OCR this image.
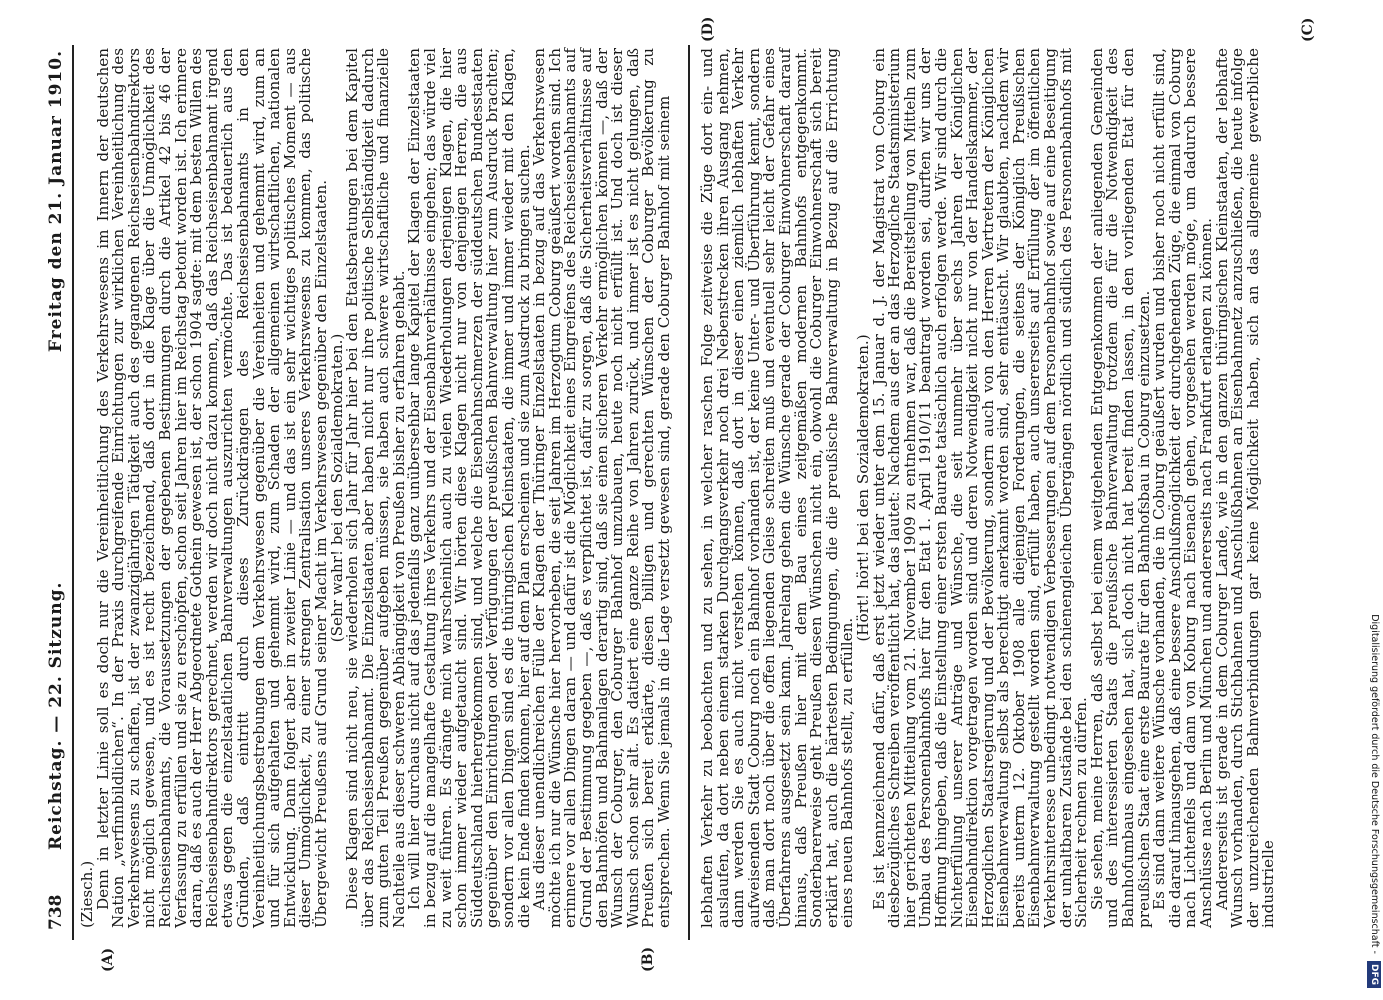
738
Reichstag. — 22. Sitzung.
Freitag den 21. Januar 1910.
(A)	(B)
(C)
(D)

(Ziesch.)

Denn in letzter Linie soll es doch nur die Vereinheitlichung des Verkehrswesens im Innern der deutschen Nation „verfinnbildlichen“. In der Praxis durchgreifende Einrichtungen zur wirklichen Vereinheitlichung des Verkehrswesens zu schaffen, ist der zwanzigjährigen Tätigkeit auch des gegangenen Reichseisenbahndirektors nicht möglich gewesen, und es ist recht bezeichnend, daß dort in die Klage über die Unmöglichkeit des Reichseisenbahnamts, die Voraussetzungen der gegebenen Bestimmungen durch die Artikel 42 bis 46 der Verfassung zu erfüllen und sie zu erschöpfen, schon seit Jahren hier im Reichstag betont worden ist. Ich erinnere daran, daß es auch der Herr Abgeordnete Gothein gewesen ist, der schon 1904 sagte: mit dem besten Willen des Reichseisenbahndirektors gerechnet, werden wir doch nicht dazu kommen, daß das Reichseisenbahnamt irgend etwas gegen die einzelstaatlichen Bahnverwaltungen auszurichten vermöchte. Das ist bedauerlich aus den Gründen, daß eintritt durch dieses Zurückdrängen des Reichseisenbahnamts in den Vereinheitlichungsbestrebungen dem Verkehrswesen gegenüber die Vereinheiten und gehemmt wird, zum an und für sich aufgehalten und gehemmt wird, zum Schaden der allgemeinen wirtschaftlichen, nationalen Entwicklung. Dann folgert aber in zweiter Linie — und das ist ein sehr wichtiges politisches Moment — aus dieser Unmöglichkeit, zu einer strengen Zentralisation unseres Verkehrswesens zu kommen, das politische Übergewicht Preußens auf Grund seiner Macht im Verkehrswesen gegenüber den Einzelstaaten.

(Sehr wahr! bei den Sozialdemokraten.)

Diese Klagen sind nicht neu, sie wiederholen sich Jahr für Jahr hier bei den Etatsberatungen bei dem Kapitel über das Reichseisenbahnamt. Die Einzelstaaten aber haben nicht nur ihre politische Selbständigkeit dadurch zum guten Teil Preußen gegenüber aufgeben müssen, sie haben auch schwere wirtschaftliche und finanzielle Nachteile aus dieser schweren Abhängigkeit von Preußen bisher zu erfahren gehabt.

Ich will hier durchaus nicht auf das jedenfalls ganz unübersehbar lange Kapitel der Klagen der Einzelstaaten in bezug auf die mangelhafte Gestaltung ihres Verkehrs und der Eisenbahnverhältnisse eingehen; das würde viel zu weit führen. Es drängte mich wahrscheinlich auch zu vielen Wiederholungen derjenigen Klagen, die hier schon immer wieder aufgetaucht sind. Wir hörten diese Klagen nicht nur von denjenigen Herren, die aus Süddeutschland hierhergekommen sind, und welche die Eisenbahnschmerzen der süddeutschen Bundesstaaten gegenüber den Einrichtungen oder Verfügungen der preußischen Bahnverwaltung hier zum Ausdruck brachten; sondern vor allen Dingen sind es die thüringischen Kleinstaaten, die immer und immer wieder mit den Klagen, die kein Ende finden können, hier auf dem Plan erscheinen und sie zum Ausdruck zu bringen suchen.

Aus dieser unendlichreichen Fülle der Klagen der Thüringer Einzelstaaten in bezug auf das Verkehrswesen möchte ich nur die Wünsche hier hervorheben, die seit Jahren im Herzogtum Coburg geäußert worden sind. Ich erinnere vor allen Dingen daran — und dafür ist die Möglichkeit eines Eingreifens des Reichseisenbahnamts auf Grund der Bestimmung gegeben —, daß es verpflichtet ist, dafür zu sorgen, daß die Sicherheitsverhältnisse auf den Bahnhöfen und Bahnanlagen derartig sind, daß sie einen sicheren Verkehr ermöglichen können —, daß der Wunsch der Coburger, den Coburger Bahnhof umzubauen, heute noch nicht erfüllt ist. Und doch ist dieser Wunsch schon sehr alt. Es datiert eine ganze Reihe von Jahren zurück, und immer ist es nicht gelungen, daß Preußen sich bereit erklärte, diesen billigen und gerechten Wünschen der Coburger Bevölkerung zu entsprechen. Wenn Sie jemals in die Lage versetzt gewesen sind, gerade den Coburger Bahnhof mit seinem lebhaften Verkehr zu beobachten und zu sehen, in welcher raschen Folge zeitweise die Züge dort ein- und auslaufen, da dort neben einem starken Durchgangsverkehr noch drei Nebenstrecken ihren Ausgang nehmen, dann werden Sie es auch nicht verstehen können, daß dort in dieser einen ziemlich lebhaften Verkehr aufweisenden Stadt Coburg noch ein Bahnhof vorhanden ist, der keine Unter- und Überführung kennt, sondern daß man dort noch über die offen liegenden Gleise schreiten muß und eventuell sehr leicht der Gefahr eines Überfahrens ausgesetzt sein kann. Jahrelang gehen die Wünsche gerade der Coburger Einwohnerschaft darauf hinaus, daß Preußen hier mit dem Bau eines zeitgemäßen modernen Bahnhofs entgegenkommt. Sonderbarerweise geht Preußen diesen Wünschen nicht ein, obwohl die Coburger Einwohnerschaft sich bereit erklärt hat, auch die härtesten Bedingungen, die die preußische Bahnverwaltung in Bezug auf die Errichtung eines neuen Bahnhofs stellt, zu erfüllen.

(Hört! hört! bei den Sozialdemokraten.)

Es ist kennzeichnend dafür, daß erst jetzt wieder unter dem 15. Januar d. J. der Magistrat von Coburg ein diesbezügliches Schreiben veröffentlicht hat, das lautet: Nachdem aus der an das Herzogliche Staatsministerium hier gerichteten Mitteilung vom 21. November 1909 zu entnehmen war, daß die Bereitstellung von Mitteln zum Umbau des Personenbahnhofs hier für den Etat 1. April 1910/11 beantragt worden sei, durften wir uns der Hoffnung hingeben, daß die Einstellung einer ersten Baurate tatsächlich auch erfolgen werde. Wir sind durch die Nichterfüllung unserer Anträge und Wünsche, die seit nunmehr über sechs Jahren der Königlichen Eisenbahndirektion vorgetragen worden sind und deren Notwendigkeit nicht nur von der Handelskammer, der Herzoglichen Staatsregierung und der Bevölkerung, sondern auch von den Herren Vertretern der Königlichen Eisenbahnverwaltung selbst als berechtigt anerkannt worden sind, sehr enttäuscht. Wir glaubten, nachdem wir bereits unterm 12. Oktober 1908 alle diejenigen Forderungen, die seitens der Königlich Preußischen Eisenbahnverwaltung gestellt worden sind, erfüllt haben, auch unsererseits auf Erfüllung der im öffentlichen Verkehrsinteresse unbedingt notwendigen Verbesserungen auf dem Personenbahnhof sowie auf eine Beseitigung der unhaltbaren Zustände bei den schienengleichen Übergängen nördlich und südlich des Personenbahnhofs mit Sicherheit rechnen zu dürfen.

Sie sehen, meine Herren, daß selbst bei einem weitgehenden Entgegenkommen der anliegenden Gemeinden und des interessierten Staats die preußische Bahnverwaltung trotzdem die für die Notwendigkeit des Bahnhofumbaus eingesehen hat, sich doch nicht hat bereit finden lassen, in den vorliegenden Etat für den preußischen Staat eine erste Baurate für den Bahnhofsbau in Coburg einzusetzen.

Es sind dann weitere Wünsche vorhanden, die in Coburg geäußert wurden und bisher noch nicht erfüllt sind, die darauf hinausgehen, daß eine bessere Anschlußmöglichkeit der durchgehenden Züge, die einmal von Coburg nach Lichtenfels und dann von Koburg nach Eisenach gehen, vorgesehen werden möge, um dadurch bessere Anschlüsse nach Berlin und München und andererseits nach Frankfurt erlangen zu können.

Andererseits ist gerade in dem Coburger Lande, wie in den ganzen thüringischen Kleinstaaten, der lebhafte Wunsch vorhanden, durch Stichbahnen und Anschlußbahnen an Eisenbahnnetz anzuschließen, die heute infolge der unzureichenden Bahnverbindungen gar keine Möglichkeit haben, sich an das allgemeine gewerbliche industrielle	Digitalisierung gefördert durch die Deutsche Forschungsgemeinschaft - DFG
